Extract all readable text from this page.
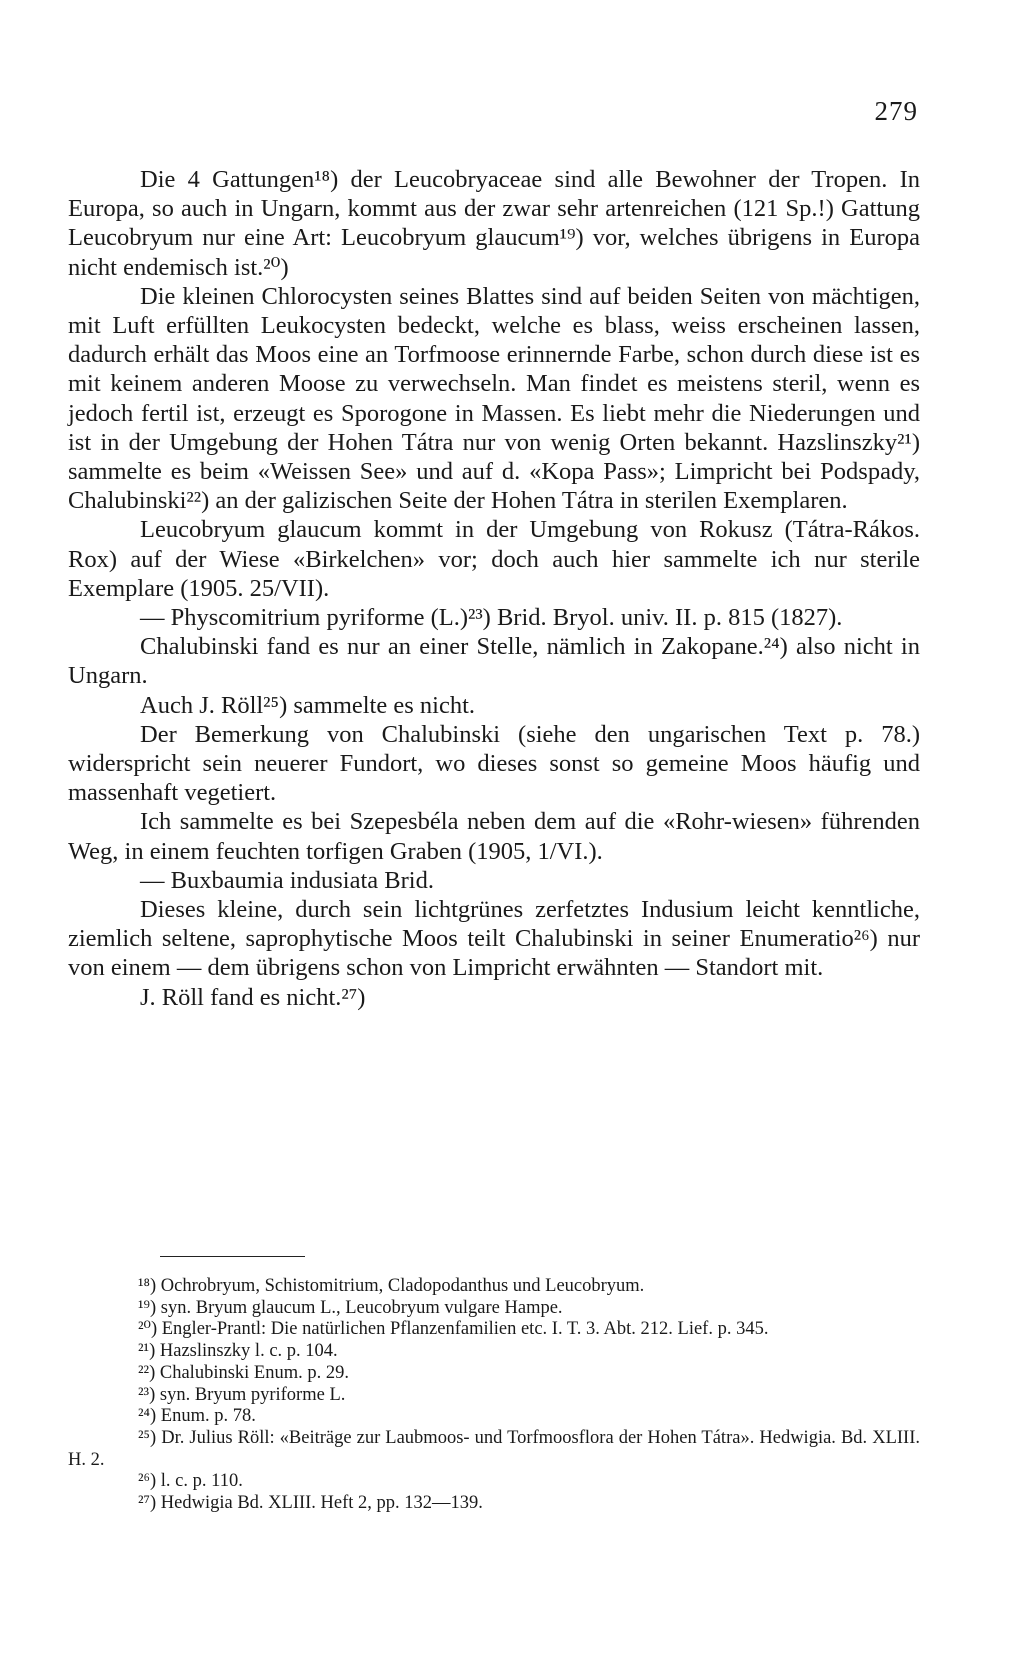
279

Die 4 Gattungen¹⁸) der Leucobryaceae sind alle Bewohner der Tropen. In Europa, so auch in Ungarn, kommt aus der zwar sehr artenreichen (121 Sp.!) Gattung Leucobryum nur eine Art: Leucobryum glaucum¹⁹) vor, welches übrigens in Europa nicht endemisch ist.²⁰)

Die kleinen Chlorocysten seines Blattes sind auf beiden Seiten von mächtigen, mit Luft erfüllten Leukocysten bedeckt, welche es blass, weiss erscheinen lassen, dadurch erhält das Moos eine an Torfmoose erinnernde Farbe, schon durch diese ist es mit keinem anderen Moose zu verwechseln. Man findet es meistens steril, wenn es jedoch fertil ist, erzeugt es Sporogone in Massen. Es liebt mehr die Niederungen und ist in der Umgebung der Hohen Tátra nur von wenig Orten bekannt. Hazslinszky²¹) sammelte es beim «Weissen See» und auf d. «Kopa Pass»; Limpricht bei Podspady, Chalubinski²²) an der galizischen Seite der Hohen Tátra in sterilen Exemplaren.

Leucobryum glaucum kommt in der Umgebung von Rokusz (Tátra-Rákos. Rox) auf der Wiese «Birkelchen» vor; doch auch hier sammelte ich nur sterile Exemplare (1905. 25/VII).

— Physcomitrium pyriforme (L.)²³) Brid. Bryol. univ. II. p. 815 (1827).

Chalubinski fand es nur an einer Stelle, nämlich in Zakopane.²⁴) also nicht in Ungarn.

Auch J. Röll²⁵) sammelte es nicht.

Der Bemerkung von Chalubinski (siehe den ungarischen Text p. 78.) widerspricht sein neuerer Fundort, wo dieses sonst so gemeine Moos häufig und massenhaft vegetiert.

Ich sammelte es bei Szepesbéla neben dem auf die «Rohr-wiesen» führenden Weg, in einem feuchten torfigen Graben (1905, 1/VI.).

— Buxbaumia indusiata Brid.

Dieses kleine, durch sein lichtgrünes zerfetztes Indusium leicht kenntliche, ziemlich seltene, saprophytische Moos teilt Chalubinski in seiner Enumeratio²⁶) nur von einem — dem übrigens schon von Limpricht erwähnten — Standort mit.

J. Röll fand es nicht.²⁷)

¹⁸) Ochrobryum, Schistomitrium, Cladopodanthus und Leucobryum.

¹⁹) syn. Bryum glaucum L., Leucobryum vulgare Hampe.

²⁰) Engler-Prantl: Die natürlichen Pflanzenfamilien etc. I. T. 3. Abt. 212. Lief. p. 345.

²¹) Hazslinszky l. c. p. 104.

²²) Chalubinski Enum. p. 29.

²³) syn. Bryum pyriforme L.

²⁴) Enum. p. 78.

²⁵) Dr. Julius Röll: «Beiträge zur Laubmoos- und Torfmoosflora der Hohen Tátra». Hedwigia. Bd. XLIII. H. 2.

²⁶) l. c. p. 110.

²⁷) Hedwigia Bd. XLIII. Heft 2, pp. 132—139.
